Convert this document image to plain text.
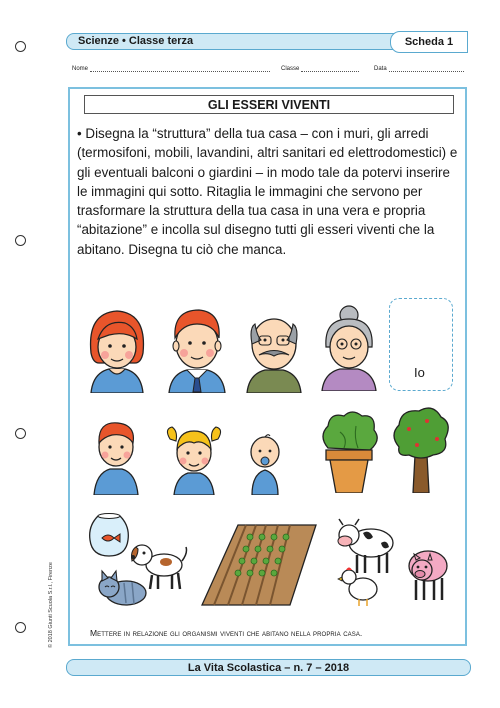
Scienze • Classe terza	Scheda 1
Nome	Classe	Data
GLI ESSERI VIVENTI
• Disegna la “struttura” della tua casa – con i muri, gli arredi (termosifoni, mobili, lavandini, altri sanitari ed elettrodomestici) e gli eventuali balconi o giardini – in modo tale da potervi inserire le immagini qui sotto. Ritaglia le immagini che servono per trasformare la struttura della tua casa in una vera e propria “abitazione” e incolla sul disegno tutti gli esseri viventi che la abitano. Disegna tu ciò che manca.
Io
Mettere in relazione gli organismi viventi che abitano nella propria casa.
© 2018 Giunti Scuola S.r.l., Firenze
La Vita Scolastica – n. 7 – 2018
